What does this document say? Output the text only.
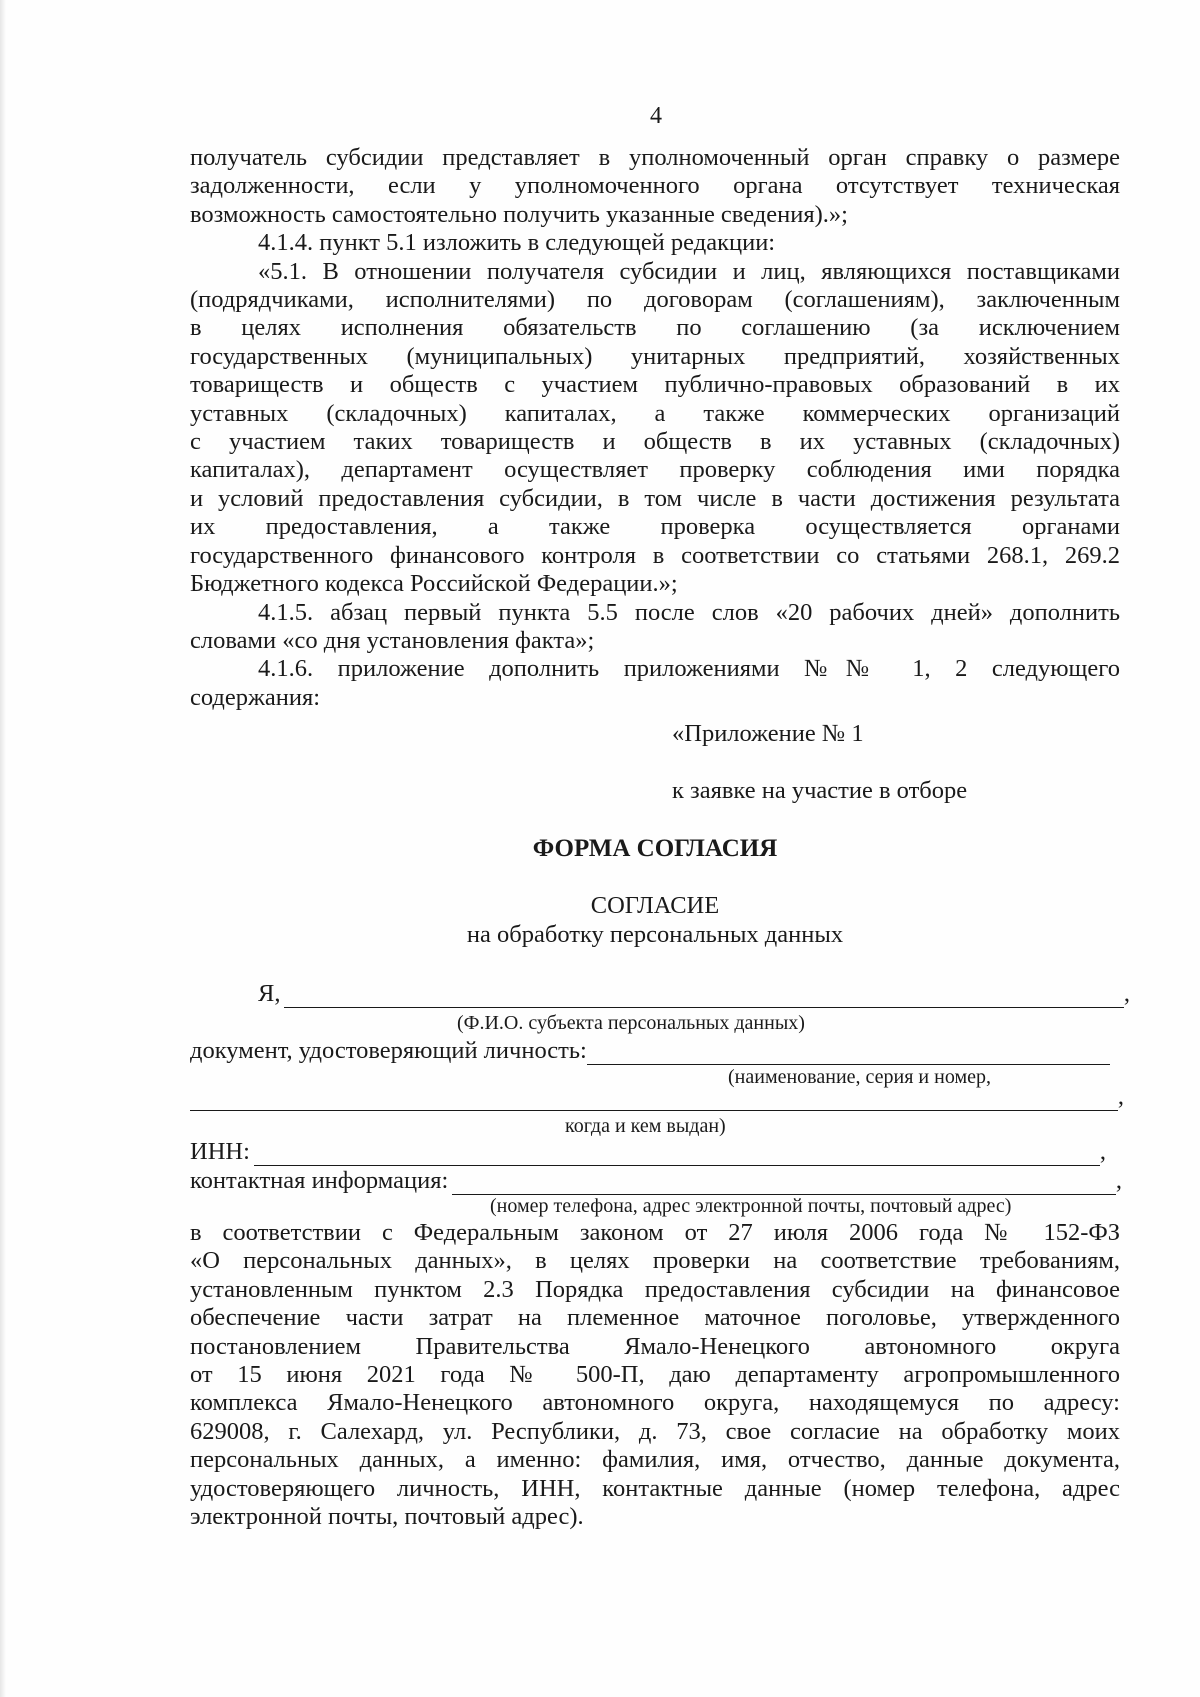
4
получатель субсидии представляет в уполномоченный орган справку о размере
задолженности, если у уполномоченного органа отсутствует техническая
возможность самостоятельно получить указанные сведения).»;
4.1.4. пункт 5.1 изложить в следующей редакции:
«5.1. В отношении получателя субсидии и лиц, являющихся поставщиками
(подрядчиками, исполнителями) по договорам (соглашениям), заключенным
в целях исполнения обязательств по соглашению (за исключением
государственных (муниципальных) унитарных предприятий, хозяйственных
товариществ и обществ с участием публично-правовых образований в их
уставных (складочных) капиталах, а также коммерческих организаций
с участием таких товариществ и обществ в их уставных (складочных)
капиталах), департамент осуществляет проверку соблюдения ими порядка
и условий предоставления субсидии, в том числе в части достижения результата
их предоставления, а также проверка осуществляется органами
государственного финансового контроля в соответствии со статьями 268.1, 269.2
Бюджетного кодекса Российской Федерации.»;
4.1.5. абзац первый пункта 5.5 после слов «20 рабочих дней» дополнить
словами «со дня установления факта»;
4.1.6. приложение дополнить приложениями №№ 1, 2 следующего
содержания:
«Приложение № 1
к заявке на участие в отборе
ФОРМА СОГЛАСИЯ
СОГЛАСИЕ
на обработку персональных данных
Я,	,
(Ф.И.О. субъекта персональных данных)
документ, удостоверяющий личность:
(наименование, серия и номер,
,
когда и кем выдан)
ИНН:	,
контактная информация:	,
(номер телефона, адрес электронной почты, почтовый адрес)
в соответствии с Федеральным законом от 27 июля 2006 года № 152-ФЗ
«О персональных данных», в целях проверки на соответствие требованиям,
установленным пунктом 2.3 Порядка предоставления субсидии на финансовое
обеспечение части затрат на племенное маточное поголовье, утвержденного
постановлением Правительства Ямало-Ненецкого автономного округа
от 15 июня 2021 года № 500-П, даю департаменту агропромышленного
комплекса Ямало-Ненецкого автономного округа, находящемуся по адресу:
629008, г. Салехард, ул. Республики, д. 73, свое согласие на обработку моих
персональных данных, а именно: фамилия, имя, отчество, данные документа,
удостоверяющего личность, ИНН, контактные данные (номер телефона, адрес
электронной почты, почтовый адрес).
